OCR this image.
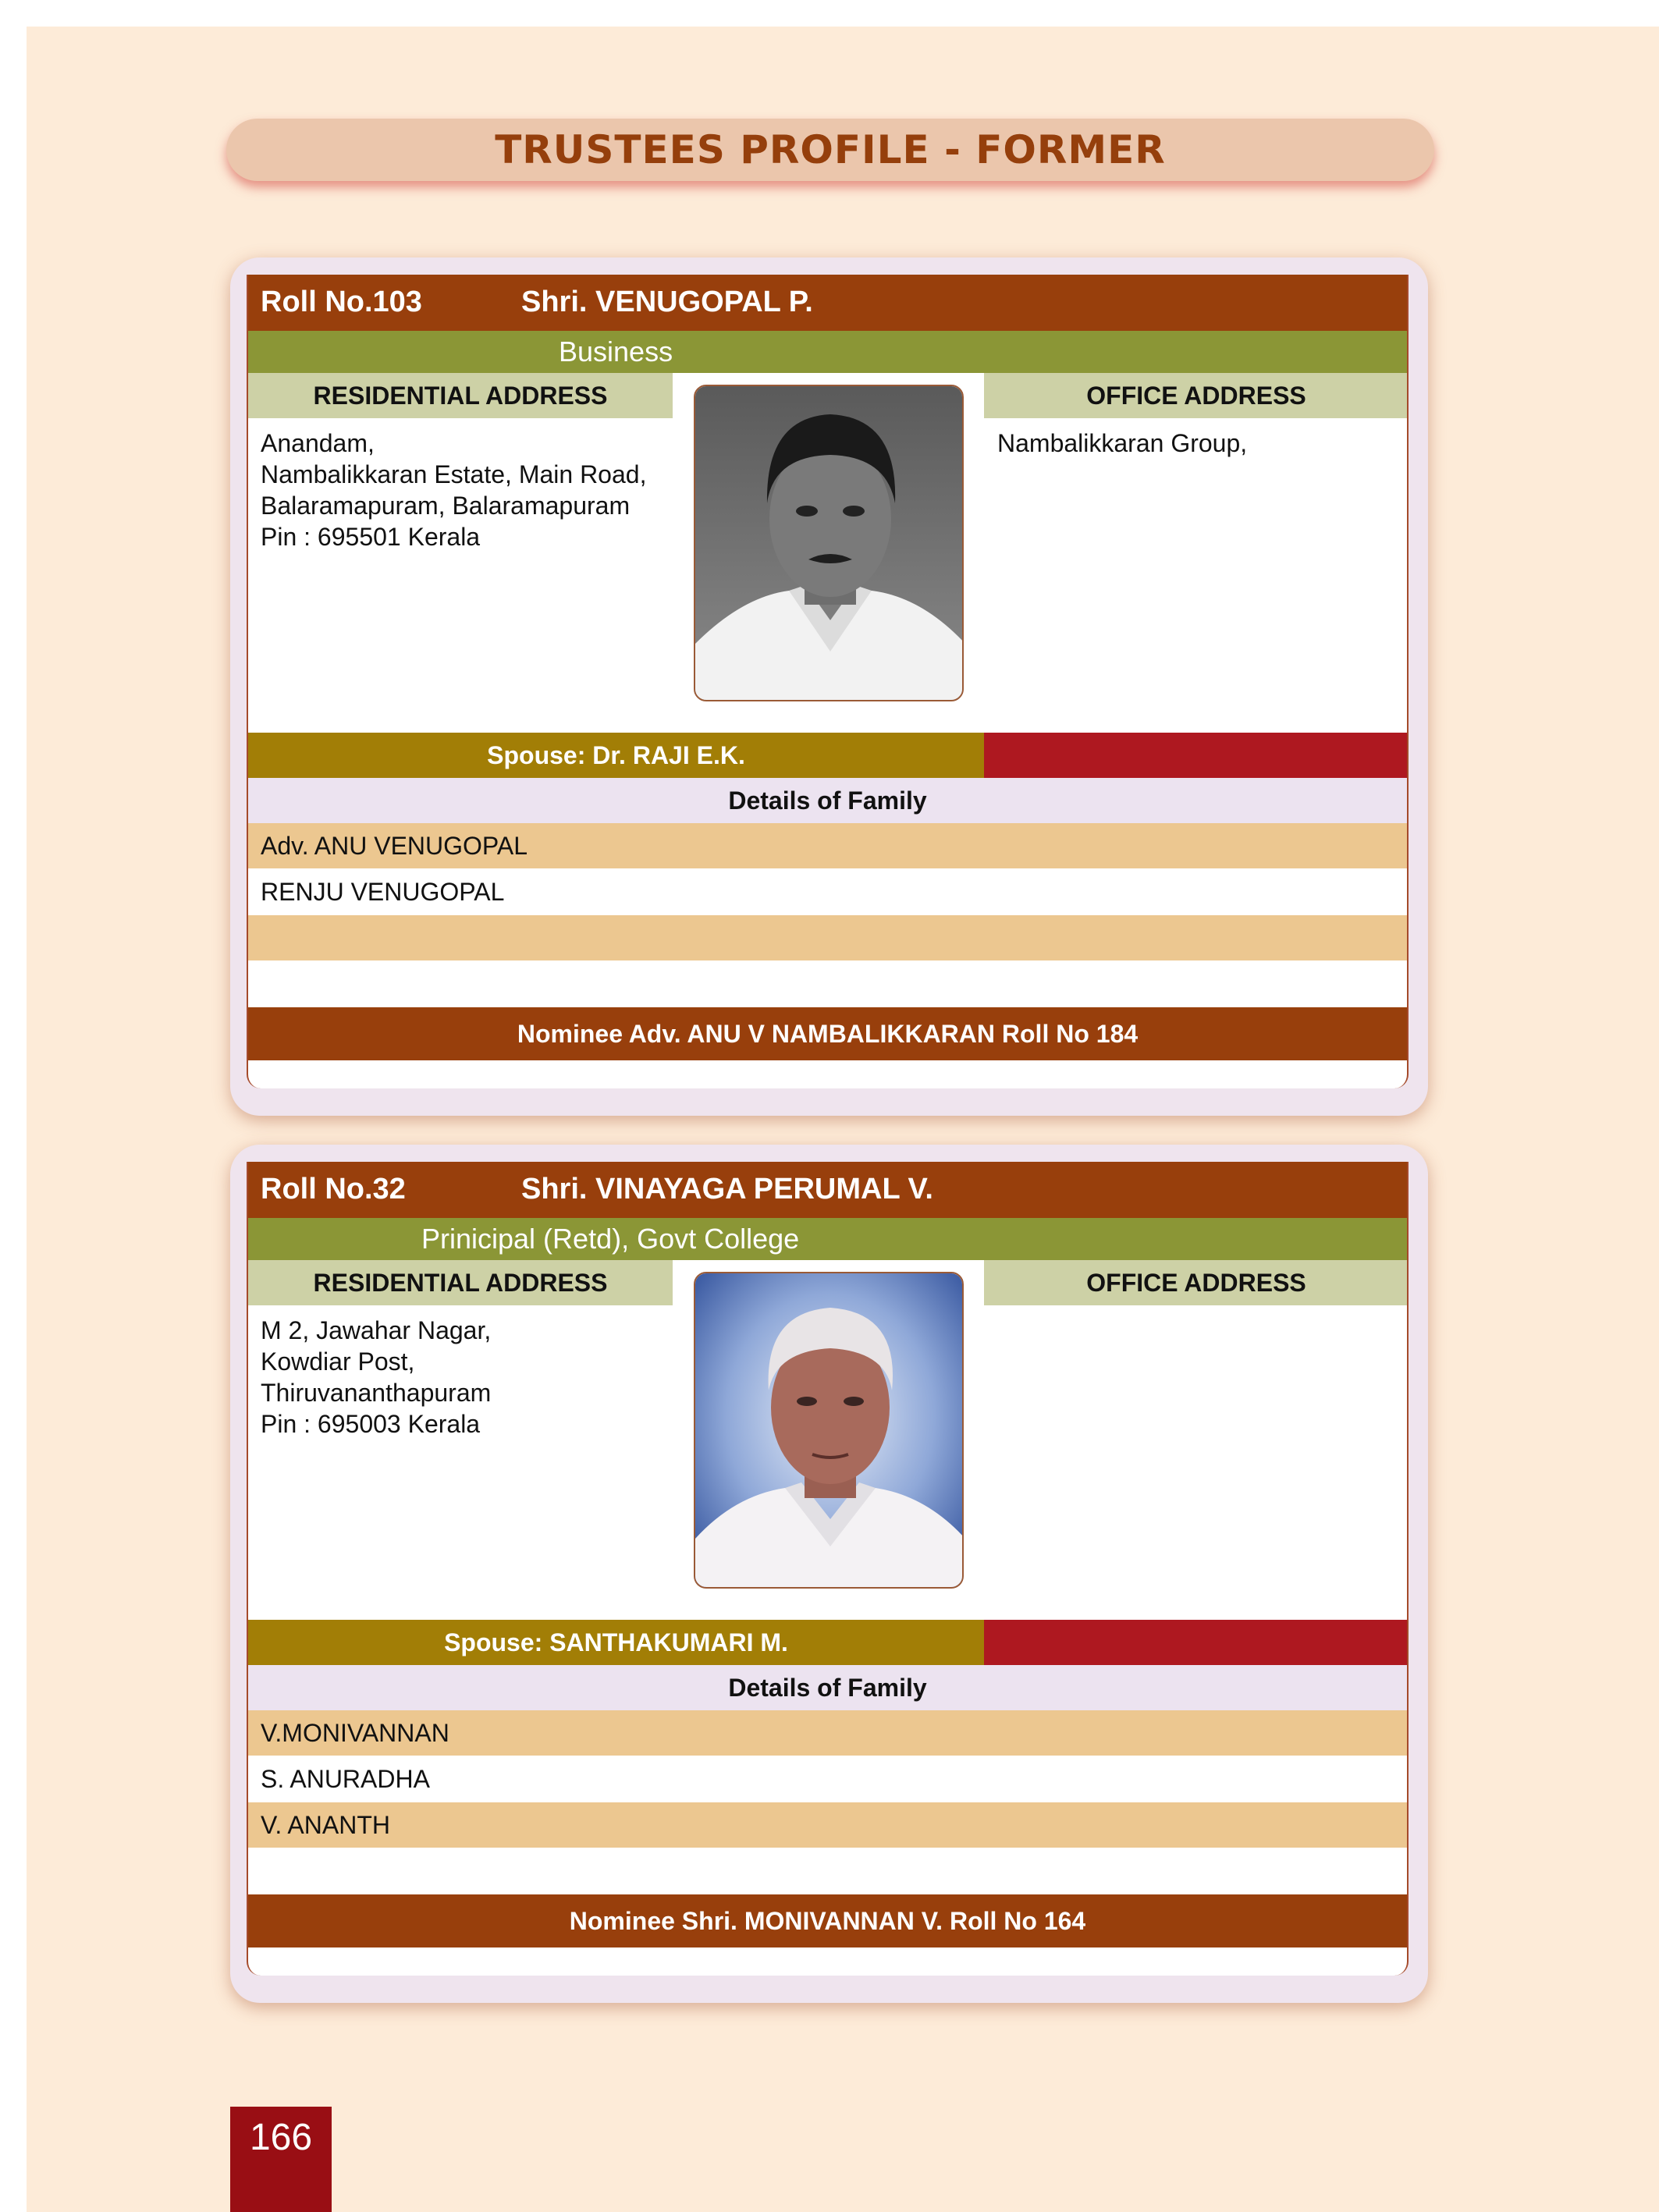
TRUSTEES PROFILE - FORMER
Roll No.103	Shri. VENUGOPAL P.
Business
RESIDENTIAL ADDRESS	OFFICE ADDRESS
Anandam,
Nambalikkaran Estate, Main Road,
Balaramapuram, Balaramapuram
Pin : 695501 Kerala
Nambalikkaran Group,
Spouse: Dr. RAJI E.K.
Details of Family
Adv. ANU VENUGOPAL
RENJU VENUGOPAL
Nominee Adv. ANU V NAMBALIKKARAN Roll No 184
Roll No.32	Shri. VINAYAGA PERUMAL V.
Prinicipal (Retd), Govt College
RESIDENTIAL ADDRESS	OFFICE ADDRESS
M 2, Jawahar Nagar,
Kowdiar Post,
Thiruvananthapuram
Pin : 695003 Kerala
Spouse: SANTHAKUMARI M.
Details of Family
V.MONIVANNAN
S. ANURADHA
V. ANANTH
Nominee Shri. MONIVANNAN V. Roll No 164
166
